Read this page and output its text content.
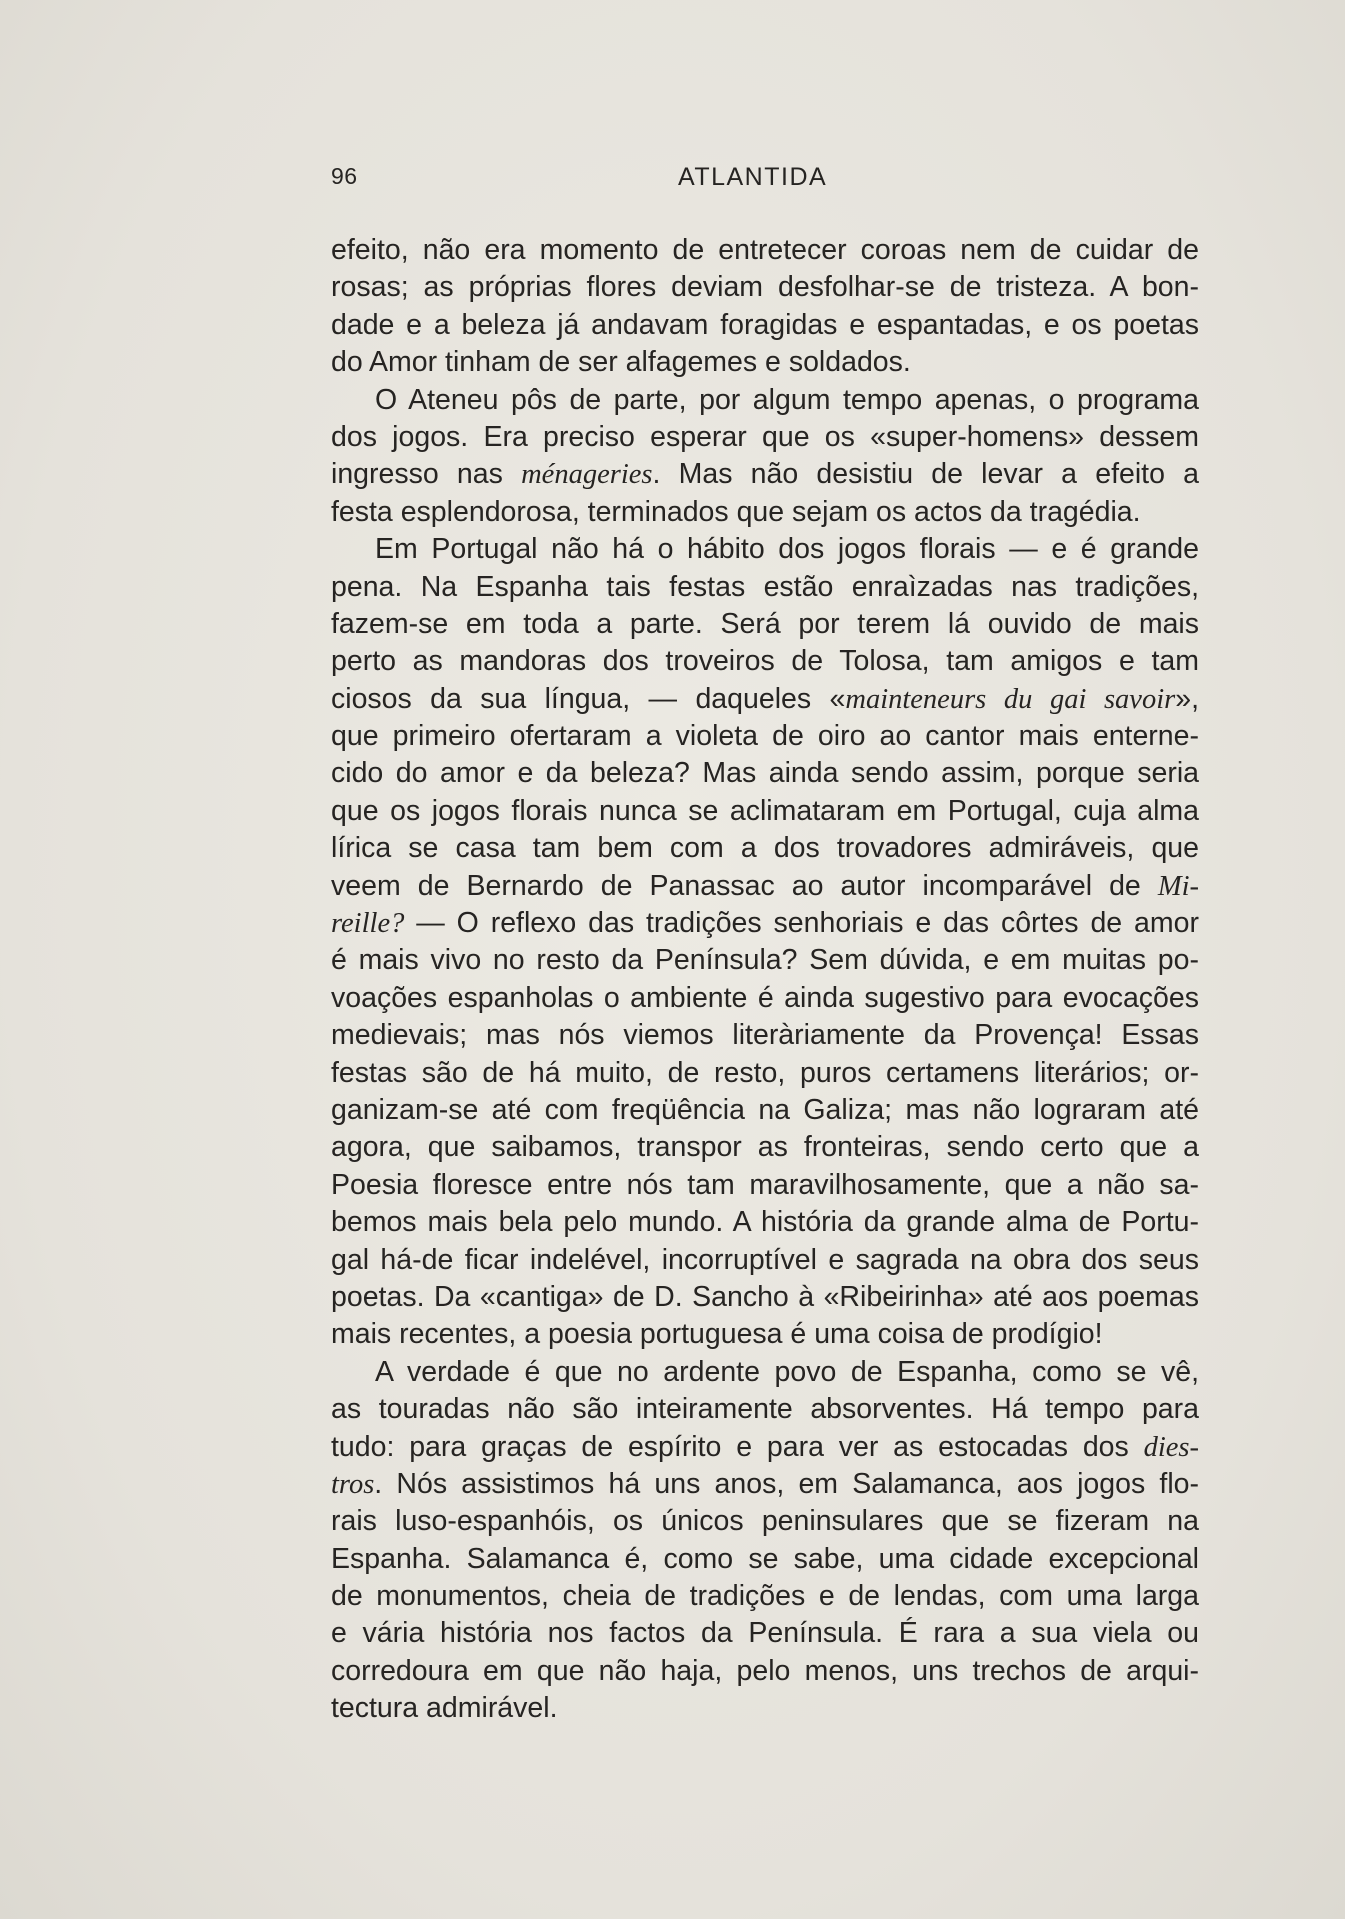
96	ATLANTIDA
efeito, não era momento de entretecer coroas nem de cuidar de
rosas; as próprias flores deviam desfolhar-se de tristeza. A bon-
dade e a beleza já andavam foragidas e espantadas, e os poetas
do Amor tinham de ser alfagemes e soldados.
O Ateneu pôs de parte, por algum tempo apenas, o programa
dos jogos. Era preciso esperar que os «super-homens» dessem
ingresso nas ménageries. Mas não desistiu de levar a efeito a
festa esplendorosa, terminados que sejam os actos da tragédia.
Em Portugal não há o hábito dos jogos florais — e é grande
pena. Na Espanha tais festas estão enraìzadas nas tradições,
fazem-se em toda a parte. Será por terem lá ouvido de mais
perto as mandoras dos troveiros de Tolosa, tam amigos e tam
ciosos da sua língua, — daqueles «mainteneurs du gai savoir»,
que primeiro ofertaram a violeta de oiro ao cantor mais enterne-
cido do amor e da beleza? Mas ainda sendo assim, porque seria
que os jogos florais nunca se aclimataram em Portugal, cuja alma
lírica se casa tam bem com a dos trovadores admiráveis, que
veem de Bernardo de Panassac ao autor incomparável de Mi-
reille? — O reflexo das tradições senhoriais e das côrtes de amor
é mais vivo no resto da Península? Sem dúvida, e em muitas po-
voações espanholas o ambiente é ainda sugestivo para evocações
medievais; mas nós viemos literàriamente da Provença! Essas
festas são de há muito, de resto, puros certamens literários; or-
ganizam-se até com freqüência na Galiza; mas não lograram até
agora, que saibamos, transpor as fronteiras, sendo certo que a
Poesia floresce entre nós tam maravilhosamente, que a não sa-
bemos mais bela pelo mundo. A história da grande alma de Portu-
gal há-de ficar indelével, incorruptível e sagrada na obra dos seus
poetas. Da «cantiga» de D. Sancho à «Ribeirinha» até aos poemas
mais recentes, a poesia portuguesa é uma coisa de prodígio!
A verdade é que no ardente povo de Espanha, como se vê,
as touradas não são inteiramente absorventes. Há tempo para
tudo: para graças de espírito e para ver as estocadas dos dies-
tros. Nós assistimos há uns anos, em Salamanca, aos jogos flo-
rais luso-espanhóis, os únicos peninsulares que se fizeram na
Espanha. Salamanca é, como se sabe, uma cidade excepcional
de monumentos, cheia de tradições e de lendas, com uma larga
e vária história nos factos da Península. É rara a sua viela ou
corredoura em que não haja, pelo menos, uns trechos de arqui-
tectura admirável.
